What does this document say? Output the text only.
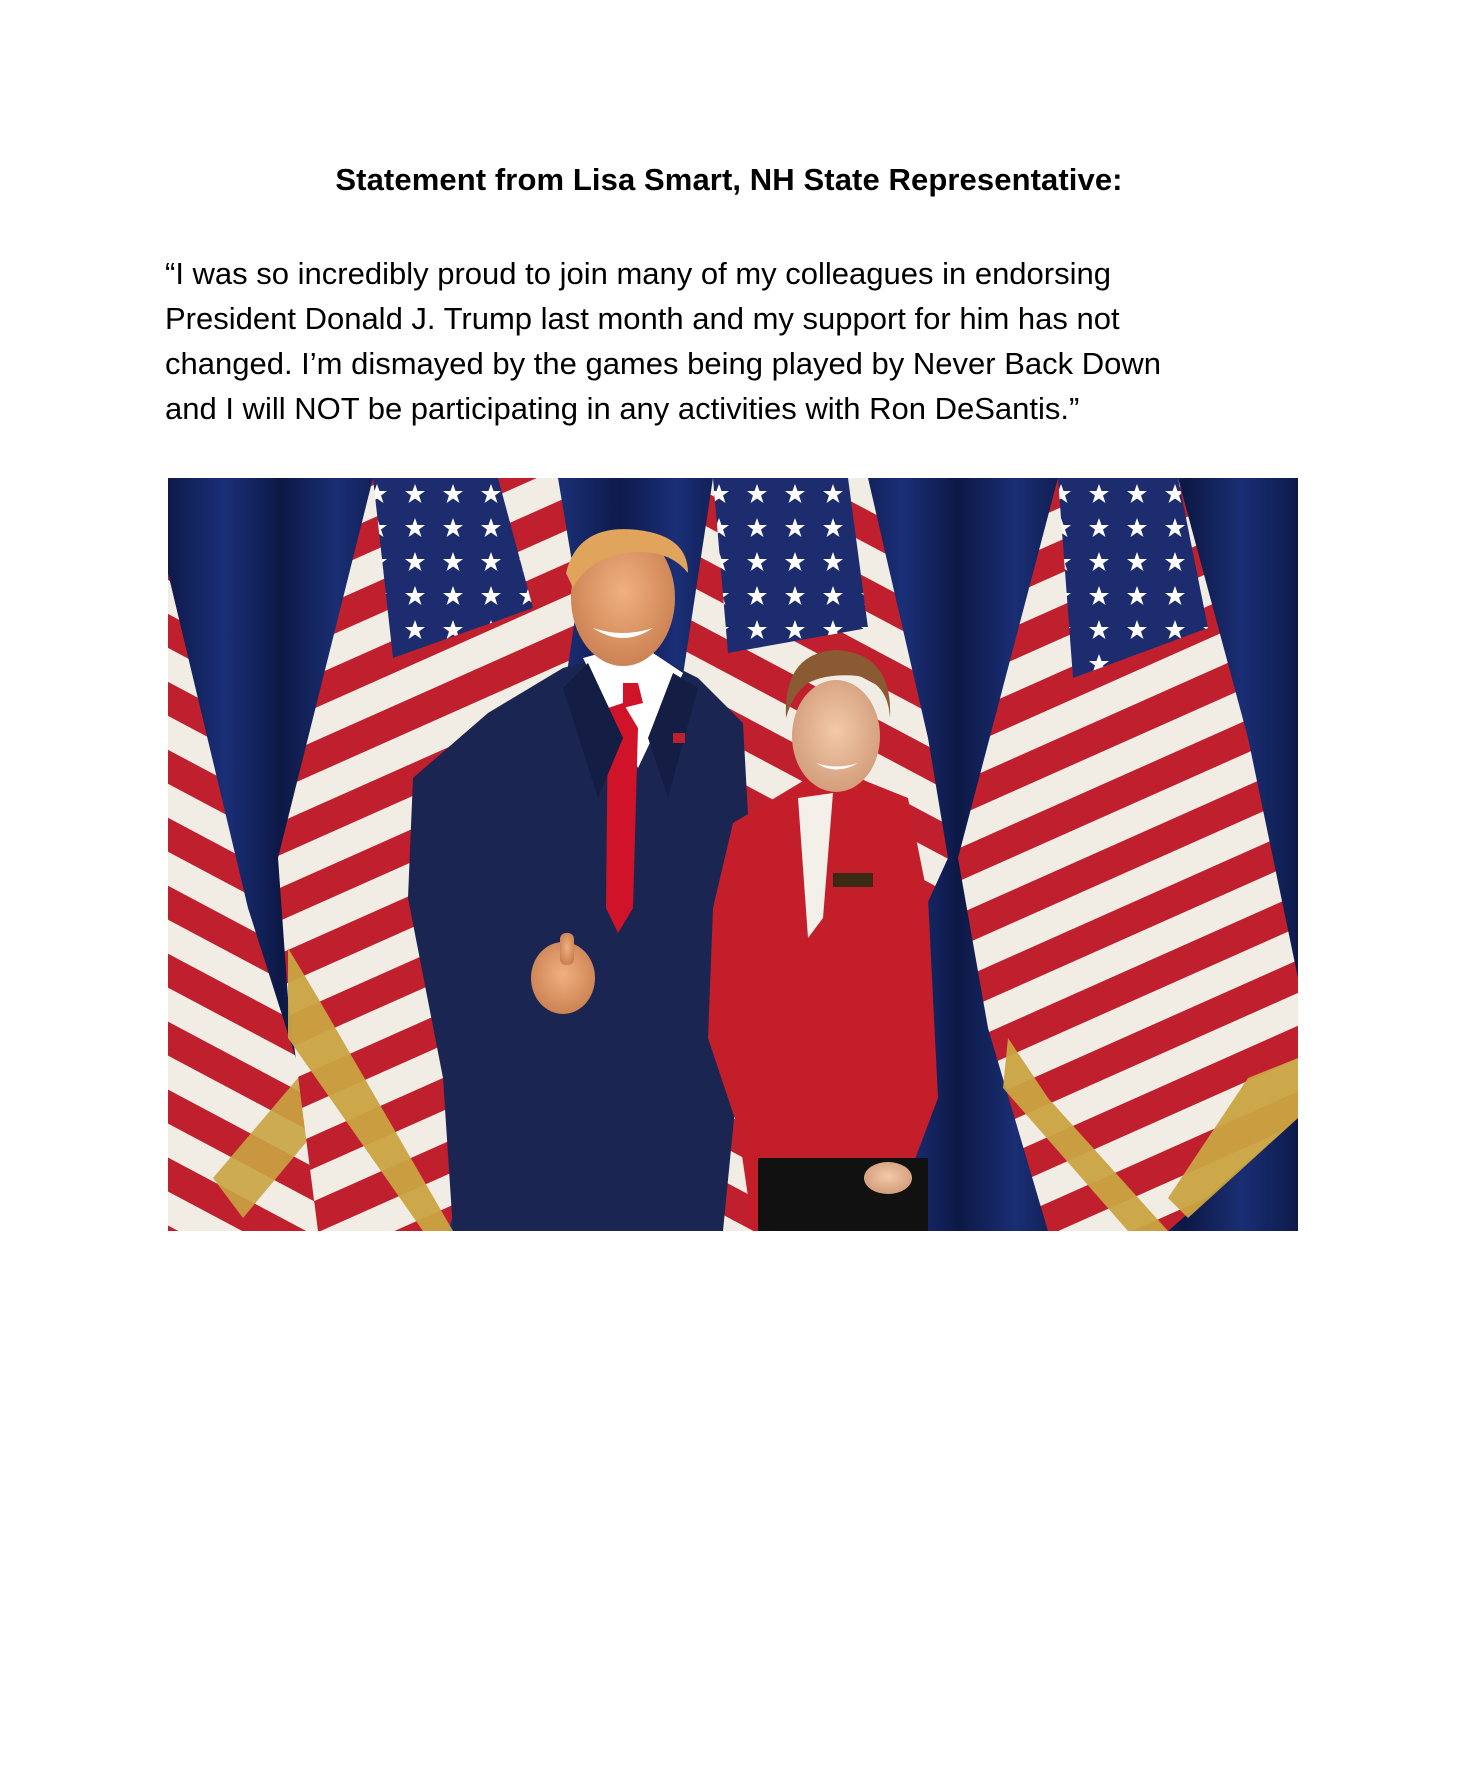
Statement from Lisa Smart, NH State Representative:
“I was so incredibly proud to join many of my colleagues in endorsing
President Donald J. Trump last month and my support for him has not
changed. I’m dismayed by the games being played by Never Back Down
and I will NOT be participating in any activities with Ron DeSantis.”
